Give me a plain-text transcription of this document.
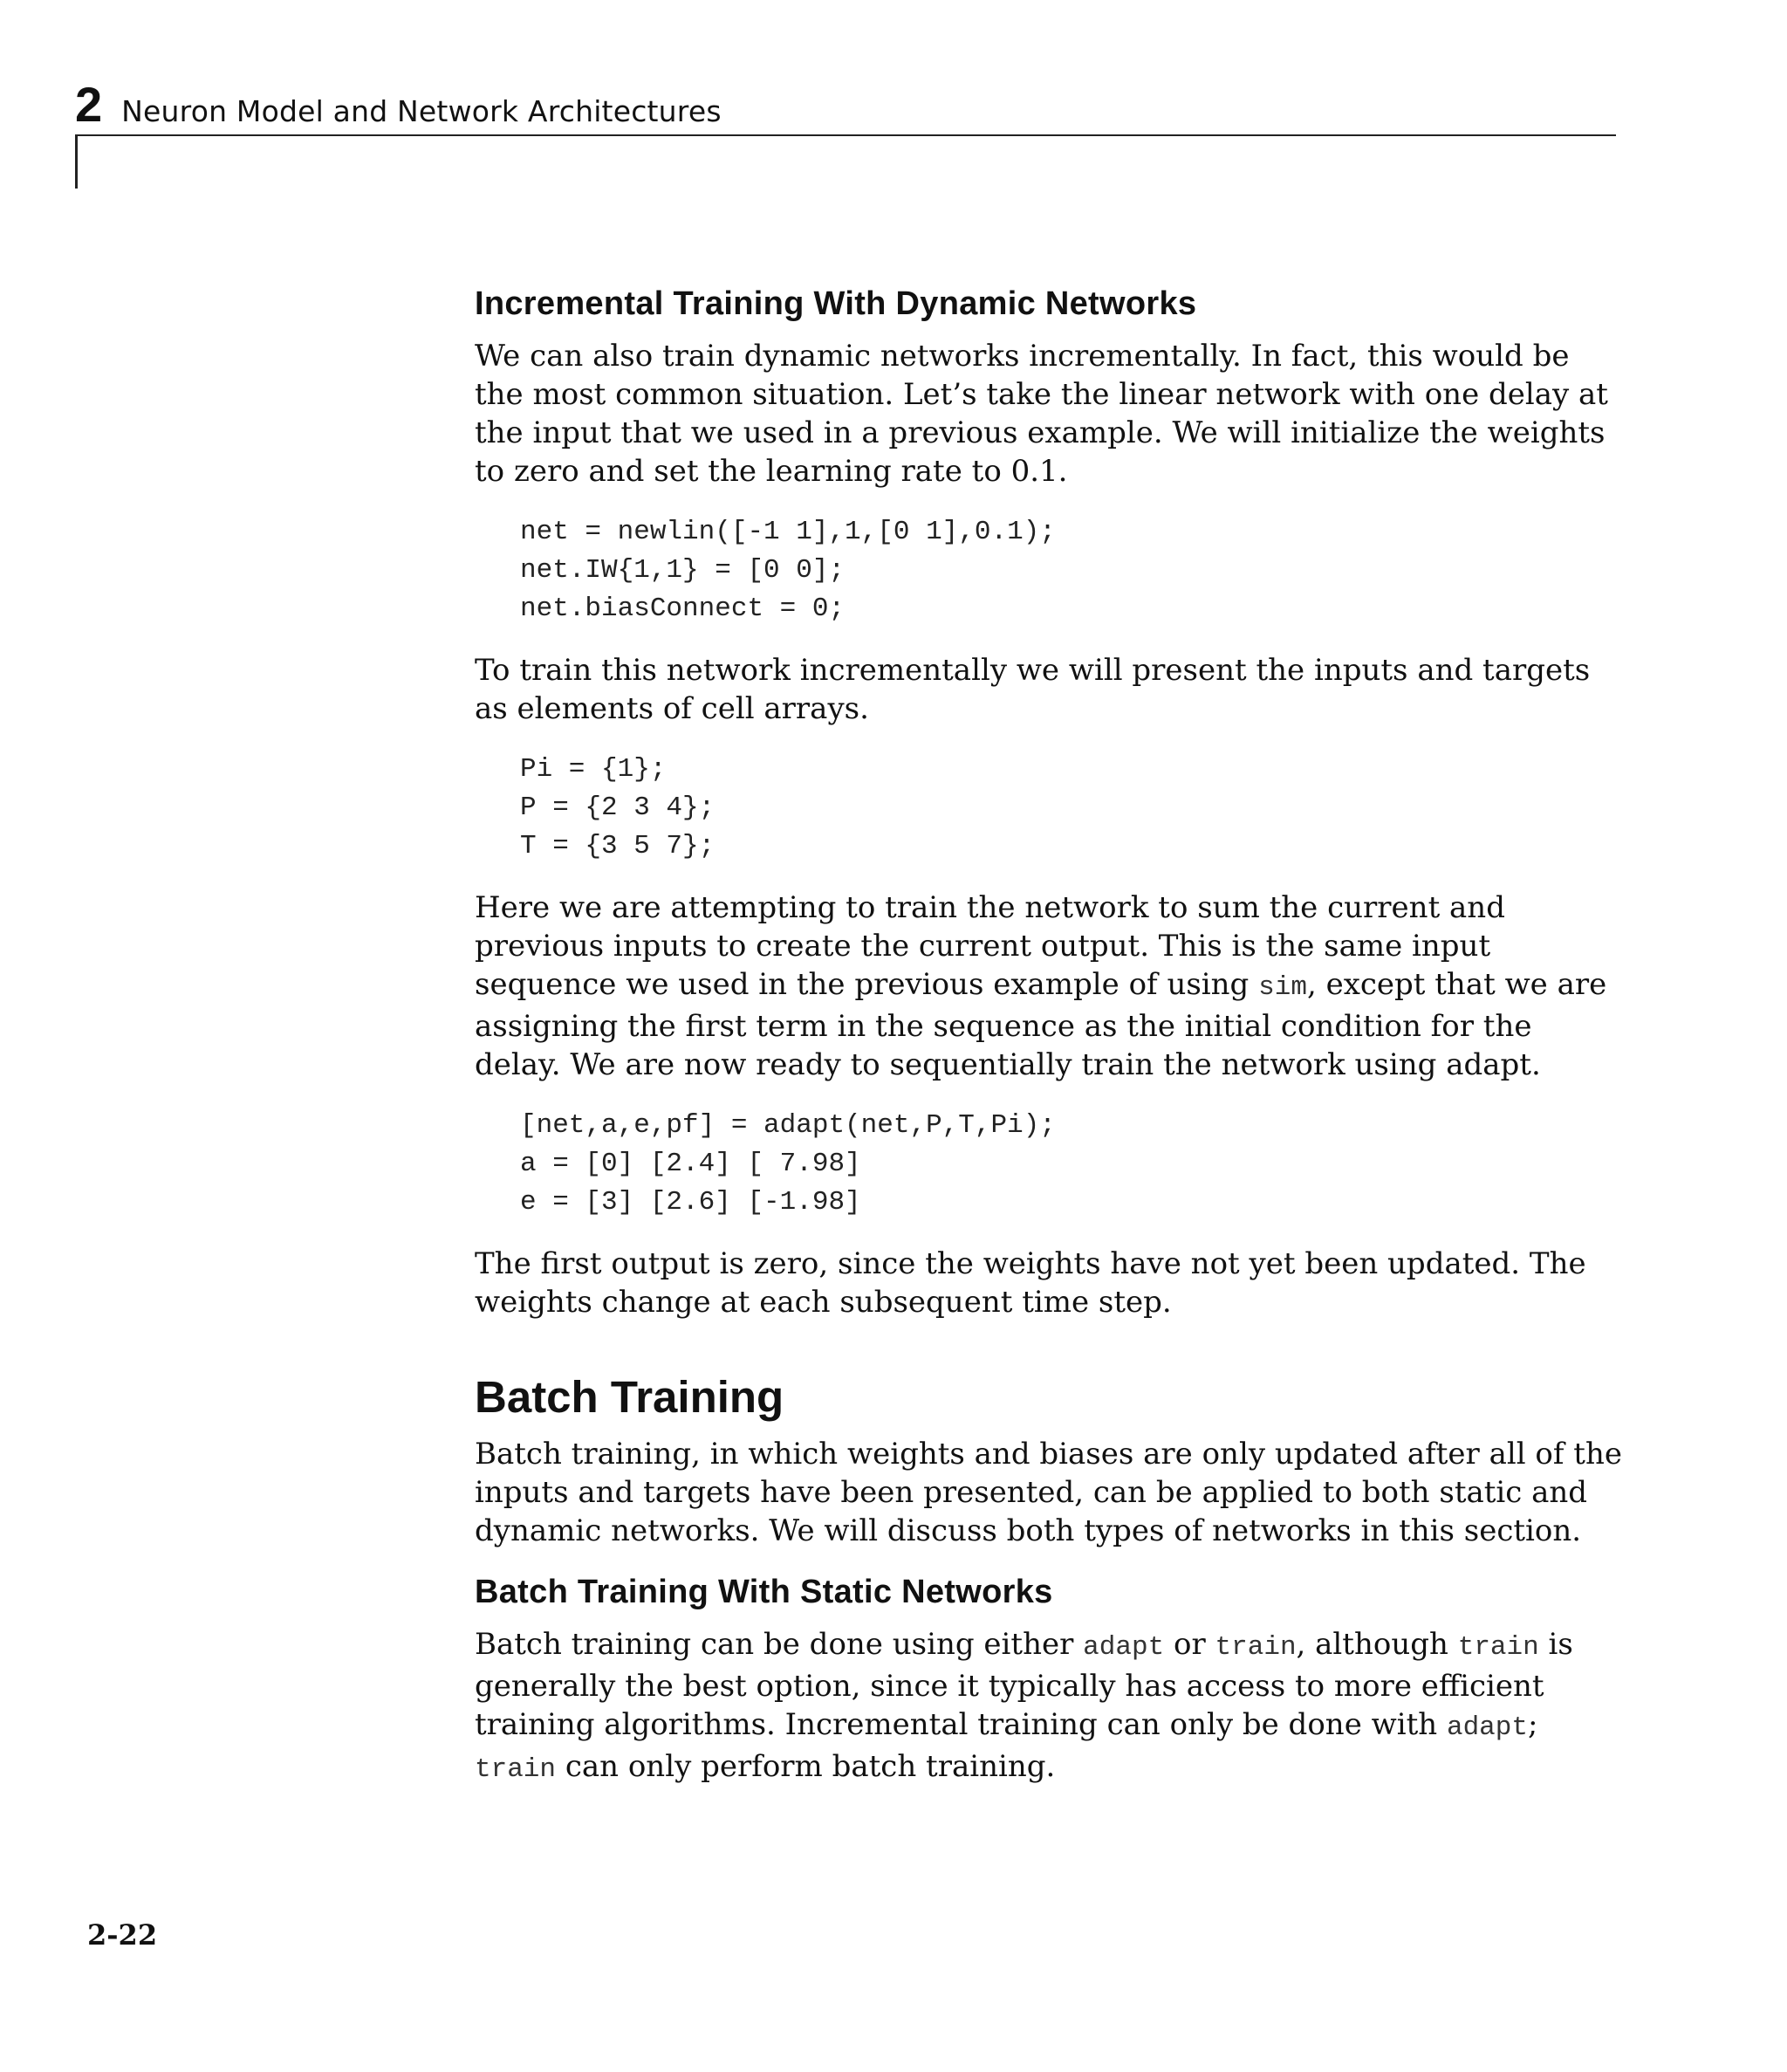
2 Neuron Model and Network Architectures
Incremental Training With Dynamic Networks

We can also train dynamic networks incrementally. In fact, this would be the most common situation. Let’s take the linear network with one delay at the input that we used in a previous example. We will initialize the weights to zero and set the learning rate to 0.1.

net = newlin([-1 1],1,[0 1],0.1);
net.IW{1,1} = [0 0];
net.biasConnect = 0;

To train this network incrementally we will present the inputs and targets as elements of cell arrays.

Pi = {1};
P = {2 3 4};
T = {3 5 7};

Here we are attempting to train the network to sum the current and previous inputs to create the current output. This is the same input sequence we used in the previous example of using sim, except that we are assigning the first term in the sequence as the initial condition for the delay. We are now ready to sequentially train the network using adapt.

[net,a,e,pf] = adapt(net,P,T,Pi);
a = [0] [2.4] [ 7.98]
e = [3] [2.6] [-1.98]

The first output is zero, since the weights have not yet been updated. The weights change at each subsequent time step.

Batch Training

Batch training, in which weights and biases are only updated after all of the inputs and targets have been presented, can be applied to both static and dynamic networks. We will discuss both types of networks in this section.

Batch Training With Static Networks

Batch training can be done using either adapt or train, although train is generally the best option, since it typically has access to more efficient training algorithms. Incremental training can only be done with adapt; train can only perform batch training.

2-22
